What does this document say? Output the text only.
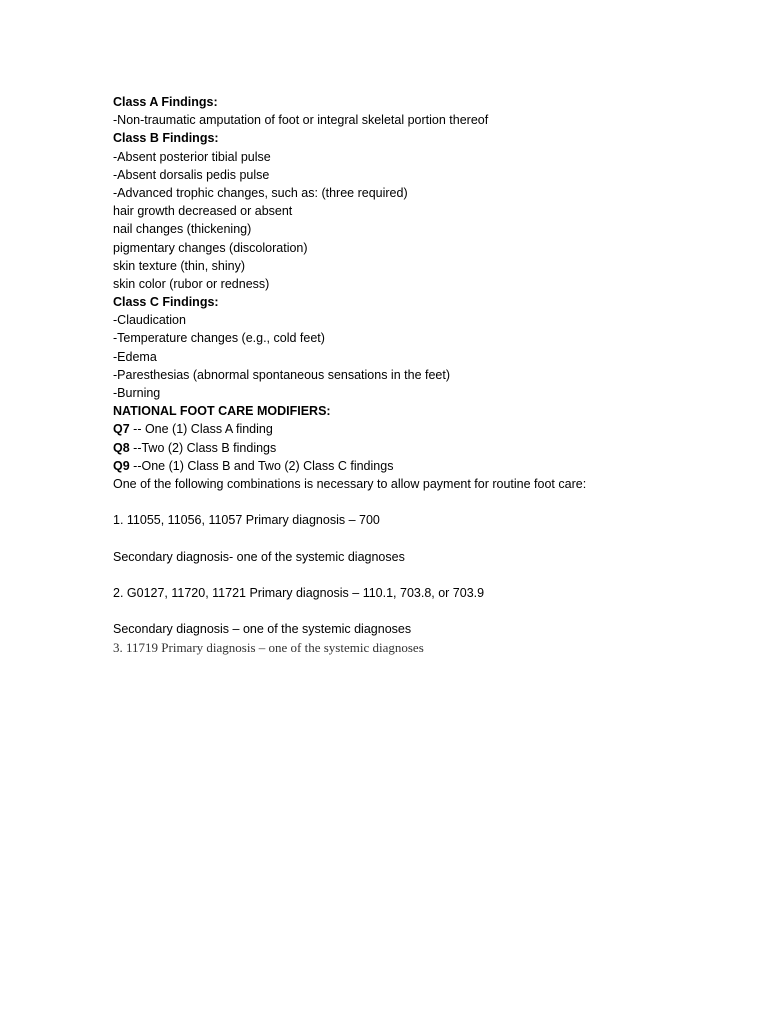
Class A Findings:
-Non-traumatic amputation of foot or integral skeletal portion thereof
Class B Findings:
-Absent posterior tibial pulse
-Absent dorsalis pedis pulse
-Advanced trophic changes, such as: (three required)
hair growth decreased or absent
nail changes (thickening)
pigmentary changes (discoloration)
skin texture (thin, shiny)
skin color (rubor or redness)
Class C Findings:
-Claudication
-Temperature changes (e.g., cold feet)
-Edema
-Paresthesias (abnormal spontaneous sensations in the feet)
-Burning
NATIONAL FOOT CARE MODIFIERS:
Q7 -- One (1) Class A finding
Q8 --Two (2) Class B findings
Q9 --One (1) Class B and Two (2) Class C findings
One of the following combinations is necessary to allow payment for routine foot care:
1. 11055, 11056, 11057 Primary diagnosis – 700
Secondary diagnosis- one of the systemic diagnoses
2. G0127, 11720, 11721 Primary diagnosis – 110.1, 703.8, or 703.9
Secondary diagnosis – one of the systemic diagnoses
3. 11719 Primary diagnosis – one of the systemic diagnoses
